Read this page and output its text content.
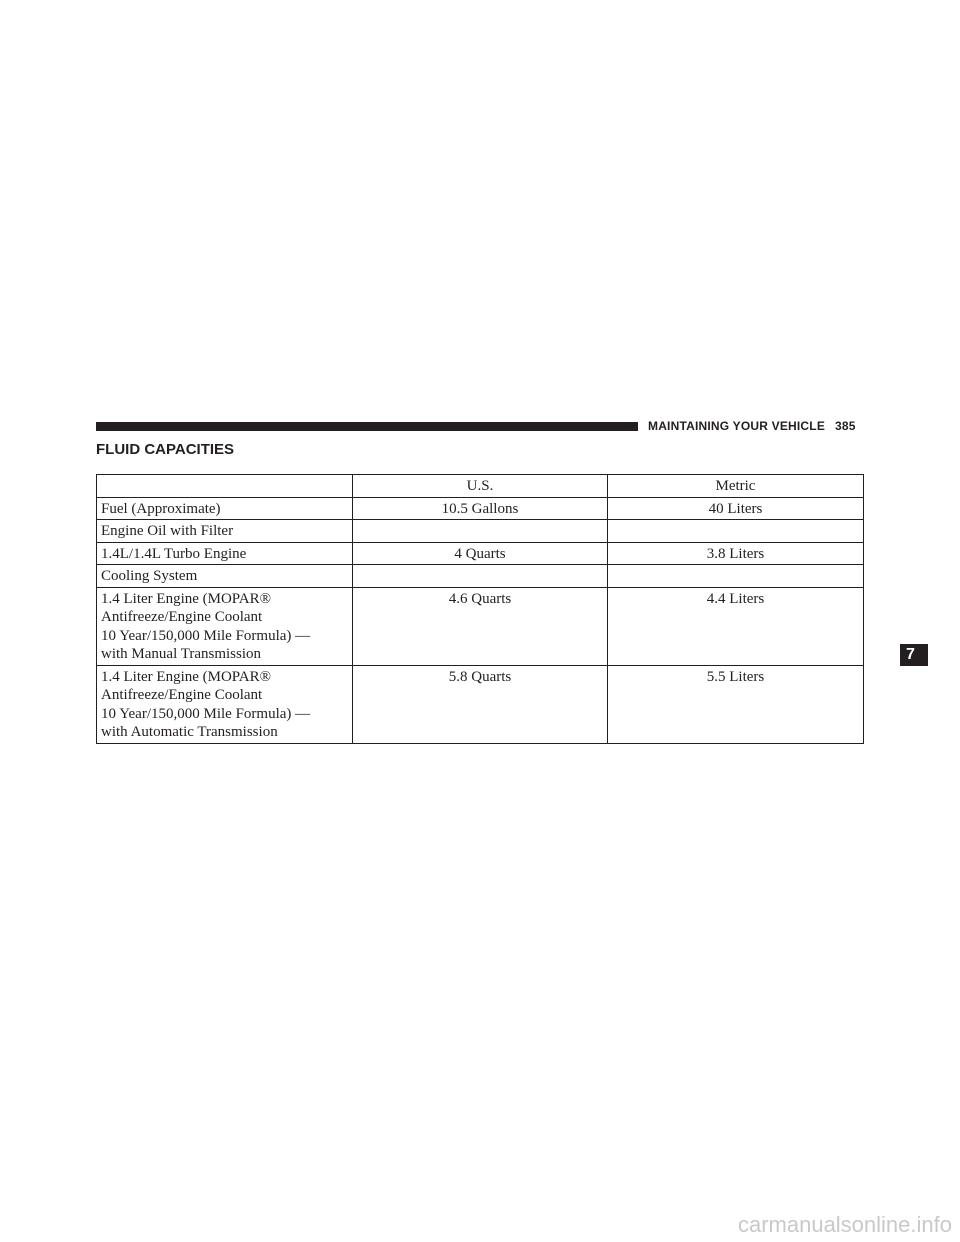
MAINTAINING YOUR VEHICLE 385
FLUID CAPACITIES
	U.S.	Metric
Fuel (Approximate)	10.5 Gallons	40 Liters
Engine Oil with Filter		
1.4L/1.4L Turbo Engine	4 Quarts	3.8 Liters
Cooling System		

1.4 Liter Engine (MOPAR®
Antifreeze/Engine Coolant
10 Year/150,000 Mile Formula) —
with Manual Transmission	4.6 Quarts	4.4 Liters

1.4 Liter Engine (MOPAR®
Antifreeze/Engine Coolant
10 Year/150,000 Mile Formula) —
with Automatic Transmission	5.8 Quarts	5.5 Liters
7
carmanualsonline.info
